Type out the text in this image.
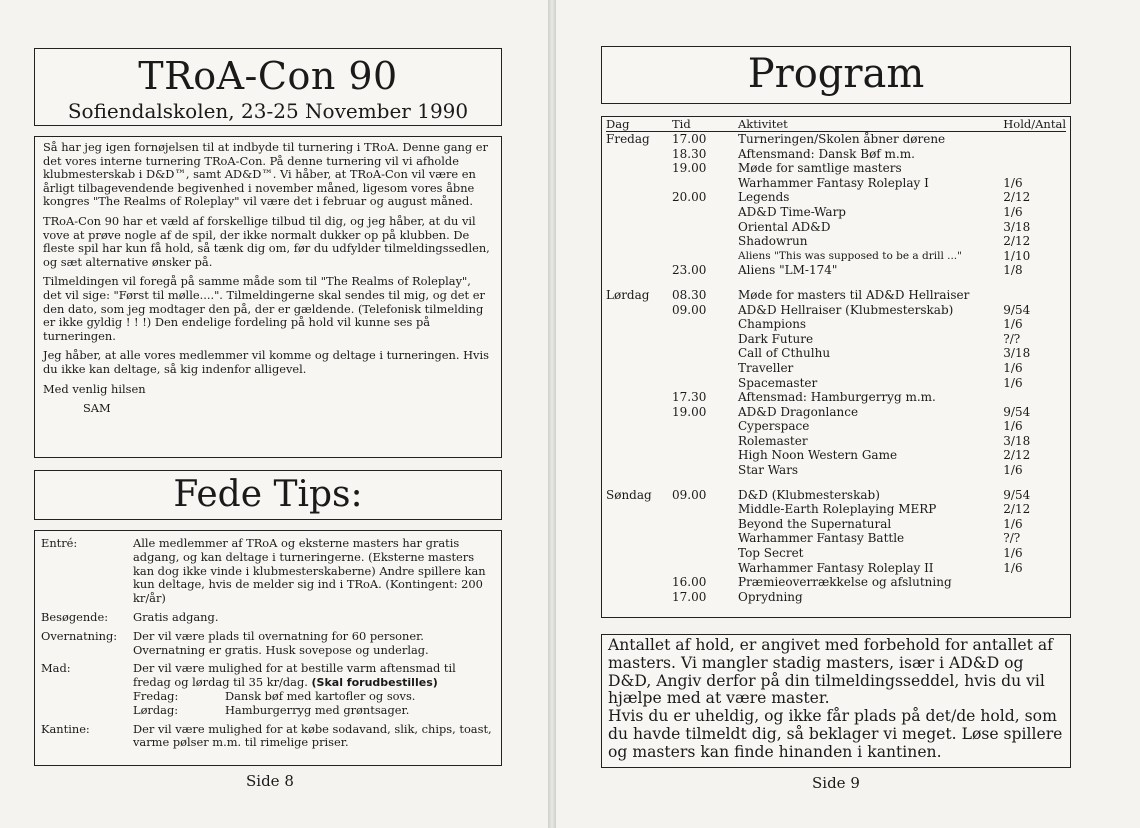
TRoA-Con 90
Sofiendalskolen, 23-25 November 1990

Så har jeg igen fornøjelsen til at indbyde til turnering i TRoA. Denne gang er det vores interne turnering TRoA-Con. På denne turnering vil vi afholde klubmesterskab i D&D™, samt AD&D™. Vi håber, at TRoA-Con vil være en årligt tilbagevendende begivenhed i november måned, ligesom vores åbne kongres "The Realms of Roleplay" vil være det i februar og august måned.

TRoA-Con 90 har et væld af forskellige tilbud til dig, og jeg håber, at du vil vove at prøve nogle af de spil, der ikke normalt dukker op på klubben. De fleste spil har kun få hold, så tænk dig om, før du udfylder tilmeldingssedlen, og sæt alternative ønsker på.

Tilmeldingen vil foregå på samme måde som til "The Realms of Roleplay", det vil sige: "Først til mølle....". Tilmeldingerne skal sendes til mig, og det er den dato, som jeg modtager den på, der er gældende. (Telefonisk tilmelding er ikke gyldig ! ! !) Den endelige fordeling på hold vil kunne ses på turneringen.

Jeg håber, at alle vores medlemmer vil komme og deltage i turneringen. Hvis du ikke kan deltage, så kig indenfor alligevel.

Med venlig hilsen

SAM

Fede Tips:
Entré:	Alle medlemmer af TRoA og eksterne masters har gratis adgang, og kan deltage i turneringerne. (Eksterne masters kan dog ikke vinde i klubmesterskaberne) Andre spillere kan kun deltage, hvis de melder sig ind i TRoA. (Kontingent: 200 kr/år)
Besøgende:	Gratis adgang.
Overnatning:	Der vil være plads til overnatning for 60 personer. Overnatning er gratis. Husk sovepose og underlag.
Mad:	Der vil være mulighed for at bestille varm aftensmad til fredag og lørdag til 35 kr/dag. (Skal forudbestilles)
Fredag:	Dansk bøf med kartofler og sovs.
Lørdag:	Hamburgerryg med grøntsager.
Kantine:	Der vil være mulighed for at købe sodavand, slik, chips, toast, varme pølser m.m. til rimelige priser.
Side 8
Program
Dag	Tid	Aktivitet	Hold/Antal
Fredag	17.00	Turneringen/Skolen åbner dørene	
	18.30	Aftensmand: Dansk Bøf m.m.	
	19.00	Møde for samtlige masters	
		Warhammer Fantasy Roleplay I	1/6
	20.00	Legends	2/12
		AD&D Time-Warp	1/6
		Oriental AD&D	3/18
		Shadowrun	2/12
		Aliens "This was supposed to be a drill ..."	1/10
	23.00	Aliens "LM-174"	1/8

Lørdag	08.30	Møde for masters til AD&D Hellraiser	
	09.00	AD&D Hellraiser (Klubmesterskab)	9/54
		Champions	1/6
		Dark Future	?/?
		Call of Cthulhu	3/18
		Traveller	1/6
		Spacemaster	1/6
	17.30	Aftensmad: Hamburgerryg m.m.	
	19.00	AD&D Dragonlance	9/54
		Cyperspace	1/6
		Rolemaster	3/18
		High Noon Western Game	2/12
		Star Wars	1/6

Søndag	09.00	D&D (Klubmesterskab)	9/54
		Middle-Earth Roleplaying MERP	2/12
		Beyond the Supernatural	1/6
		Warhammer Fantasy Battle	?/?
		Top Secret	1/6
		Warhammer Fantasy Roleplay II	1/6
	16.00	Præmieoverrækkelse og afslutning	
	17.00	Oprydning	

Antallet af hold, er angivet med forbehold for antallet af masters. Vi mangler stadig masters, især i AD&D og D&D, Angiv derfor på din tilmeldingsseddel, hvis du vil hjælpe med at være master.

Hvis du er uheldig, og ikke får plads på det/de hold, som du havde tilmeldt dig, så beklager vi meget. Løse spillere og masters kan finde hinanden i kantinen.

Side 9
